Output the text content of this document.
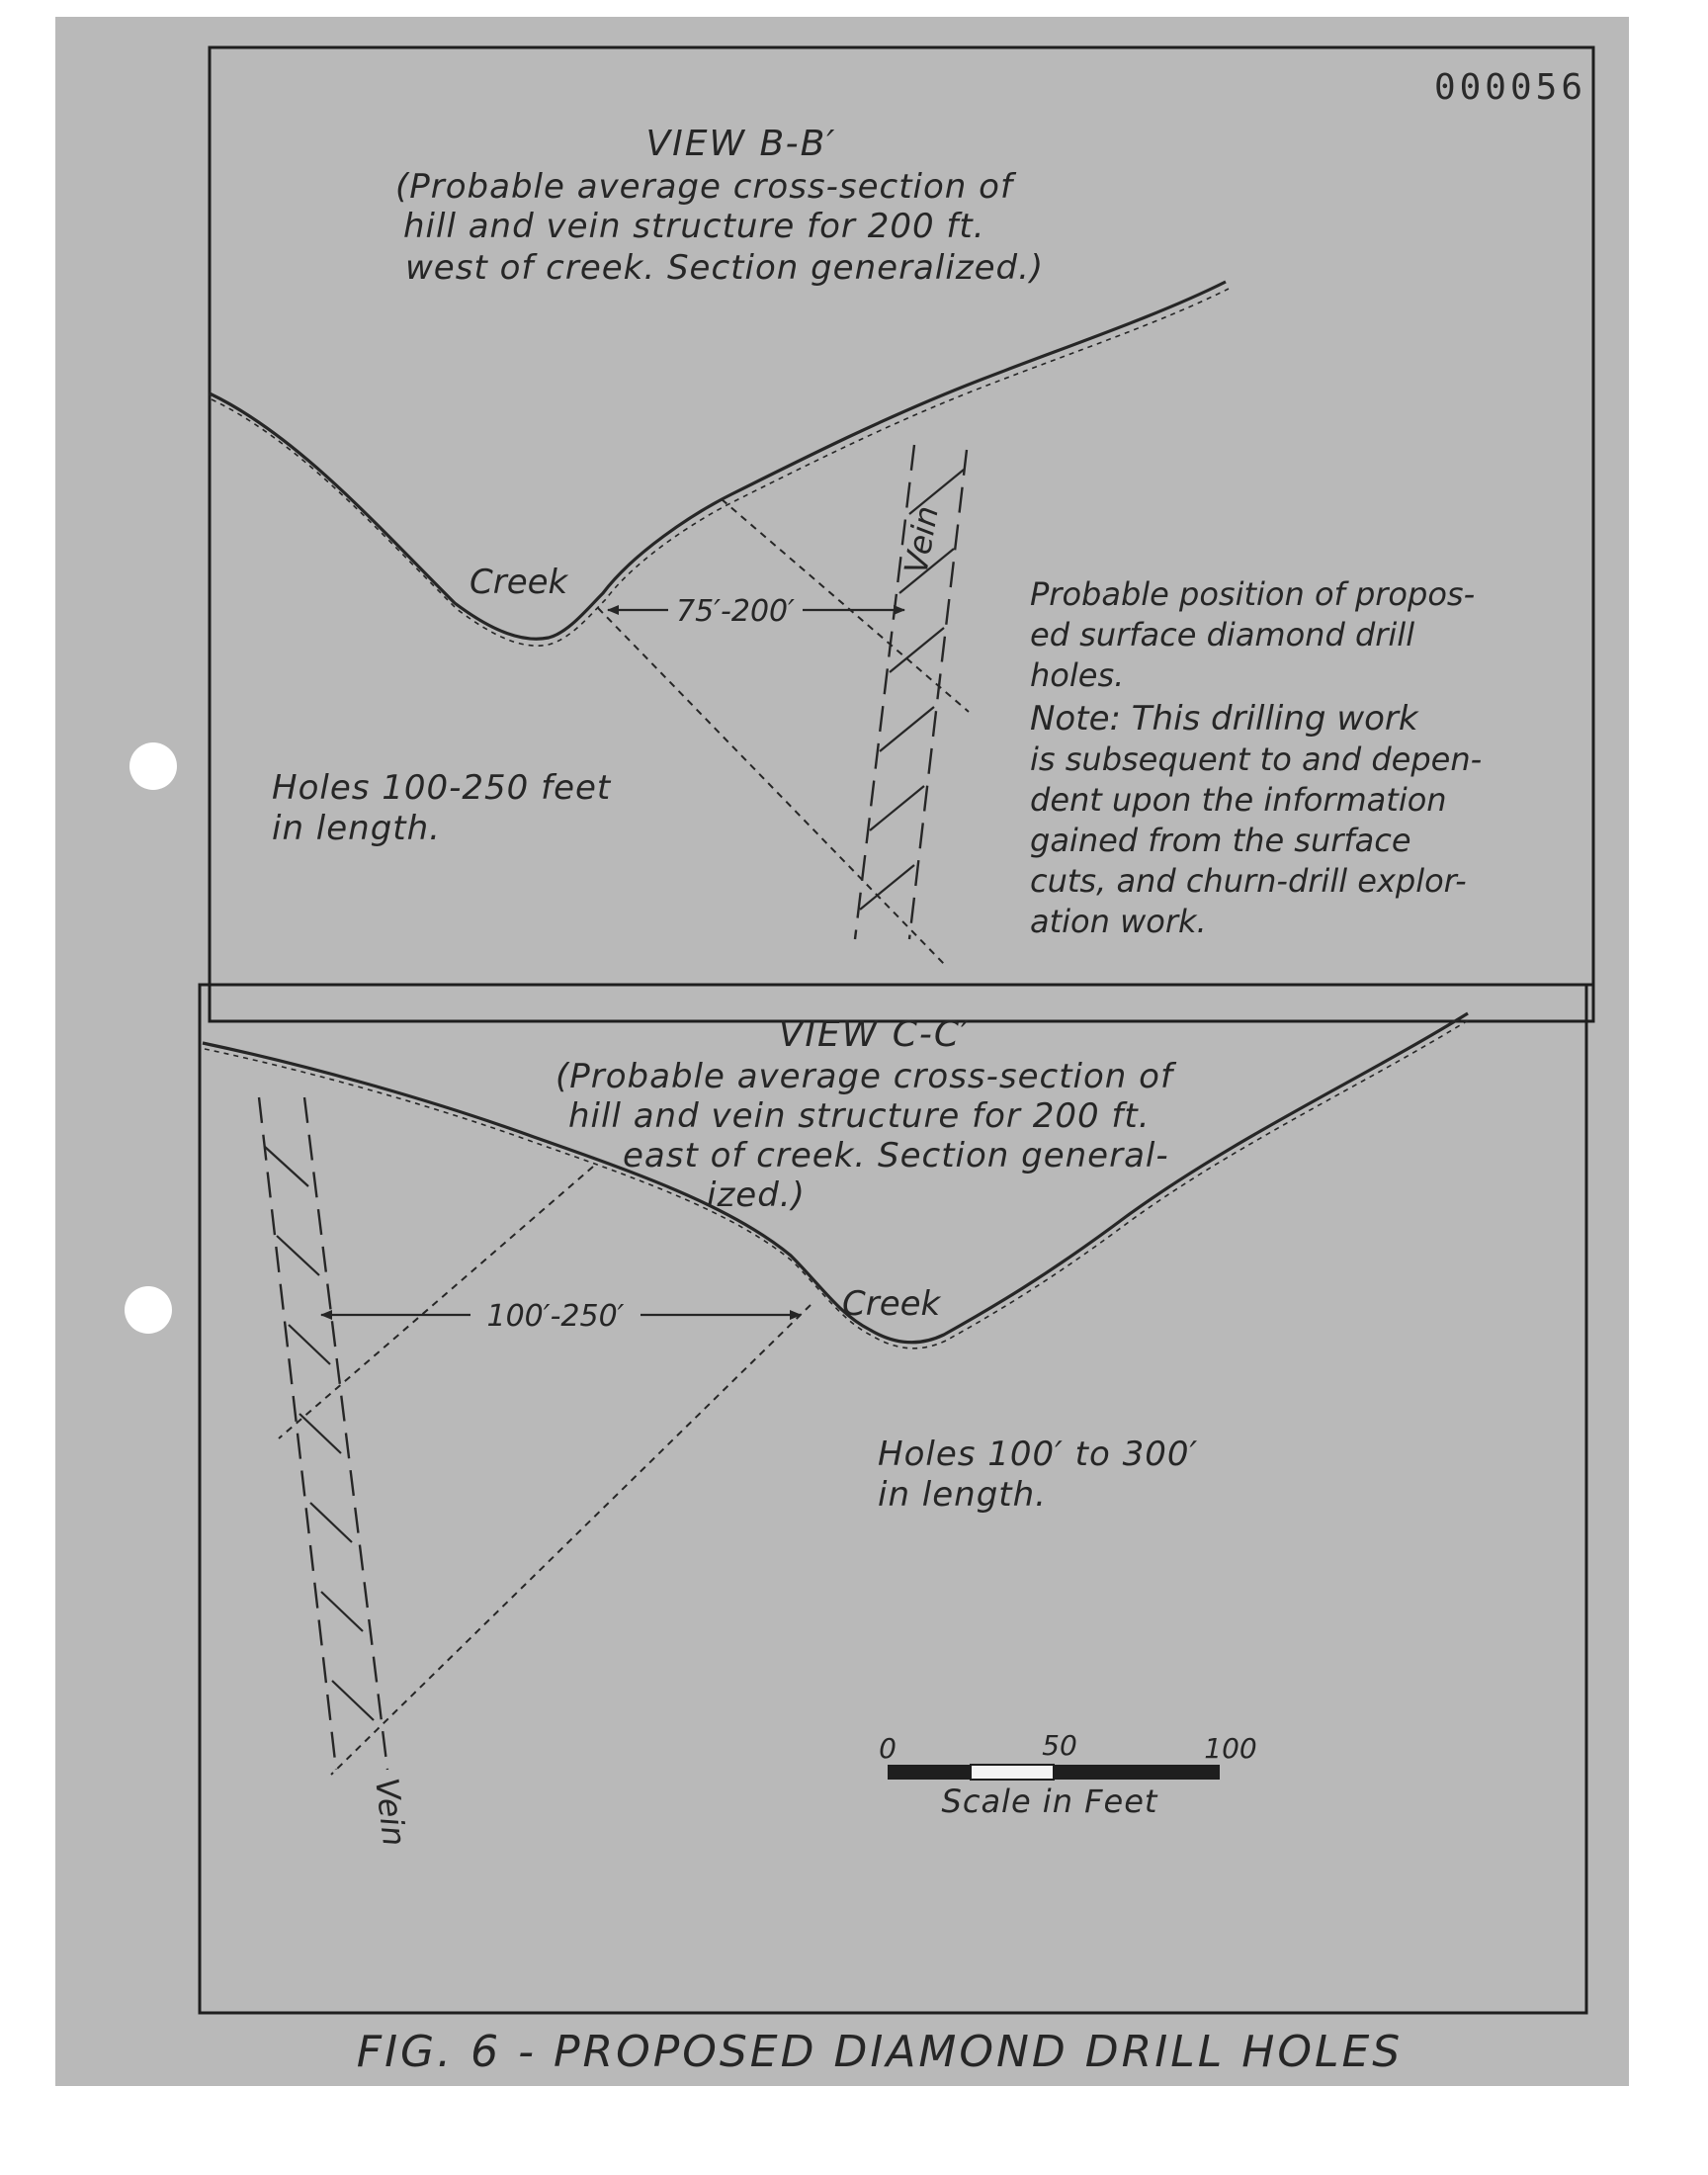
000056
VIEW B-B′
(Probable average cross-section of
hill and vein structure for 200 ft.
west of creek. Section generalized.)
Vein
75′-200′
Creek
Holes 100-250 feet
in length.
Probable position of propos-
ed surface diamond drill
holes.
Note: This drilling work
is subsequent to and depen-
dent upon the information
gained from the surface
cuts, and churn-drill explor-
ation work.
VIEW C-C′
(Probable average cross-section of
hill and vein structure for 200 ft.
east of creek. Section general-
ized.)
Vein
100′-250′	Creek
Holes 100′ to 300′
in length.
0	50	100
Scale in Feet
FIG. 6 - PROPOSED DIAMOND DRILL HOLES
